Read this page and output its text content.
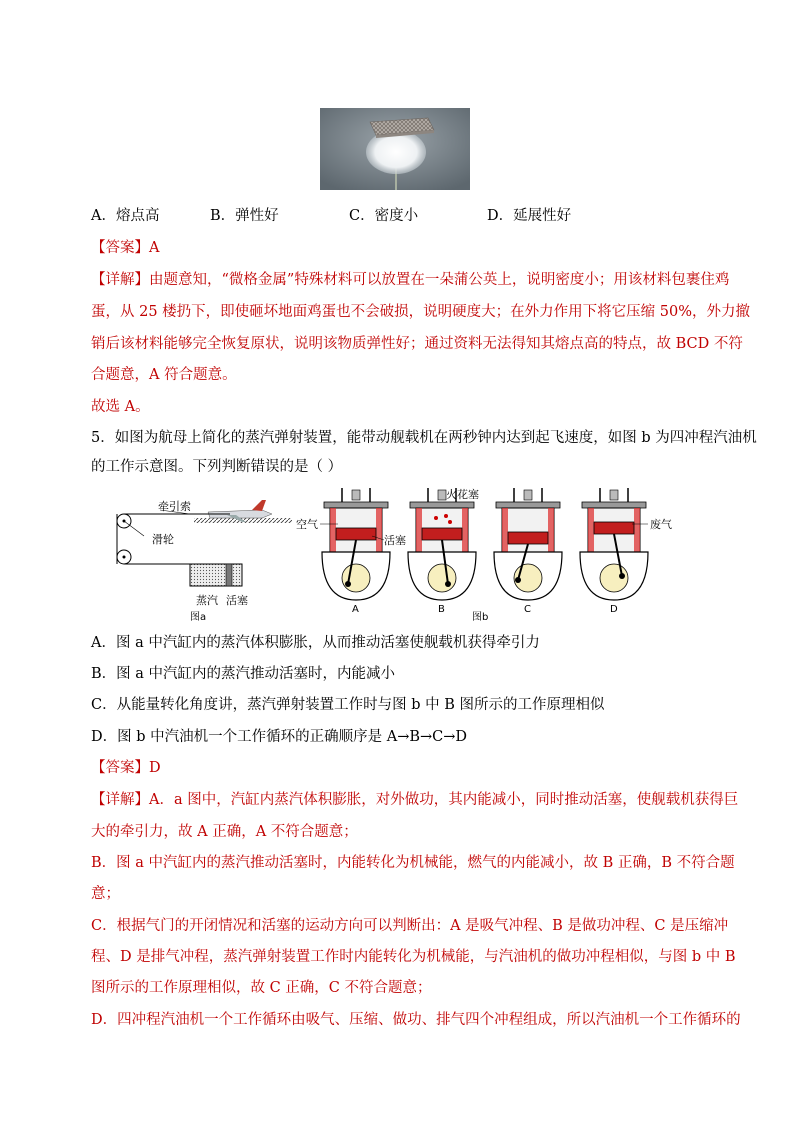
A．熔点高	B．弹性好	C．密度小	D．延展性好
【答案】A
【详解】由题意知，“微格金属”特殊材料可以放置在一朵蒲公英上，说明密度小；用该材料包裹住鸡
蛋，从 25 楼扔下，即使砸坏地面鸡蛋也不会破损，说明硬度大；在外力作用下将它压缩 50%，外力撤
销后该材料能够完全恢复原状，说明该物质弹性好；通过资料无法得知其熔点高的特点，故 BCD 不符
合题意，A 符合题意。
故选 A。
5．如图为航母上简化的蒸汽弹射装置，能带动舰载机在两秒钟内达到起飞速度，如图 b 为四冲程汽油机
的工作示意图。下列判断错误的是（ ）
牵引索
滑轮
蒸汽 活塞
图a
A	B	C	D
空气
活塞
火花塞
废气
图b
A．图 a 中汽缸内的蒸汽体积膨胀，从而推动活塞使舰载机获得牵引力
B．图 a 中汽缸内的蒸汽推动活塞时，内能减小
C．从能量转化角度讲，蒸汽弹射装置工作时与图 b 中 B 图所示的工作原理相似
D．图 b 中汽油机一个工作循环的正确顺序是 A→B→C→D
【答案】D
【详解】A．a 图中，汽缸内蒸汽体积膨胀，对外做功，其内能减小，同时推动活塞，使舰载机获得巨
大的牵引力，故 A 正确，A 不符合题意；
B．图 a 中汽缸内的蒸汽推动活塞时，内能转化为机械能，燃气的内能减小，故 B 正确，B 不符合题
意；
C．根据气门的开闭情况和活塞的运动方向可以判断出：A 是吸气冲程、B 是做功冲程、C 是压缩冲
程、D 是排气冲程，蒸汽弹射装置工作时内能转化为机械能，与汽油机的做功冲程相似，与图 b 中 B
图所示的工作原理相似，故 C 正确，C 不符合题意；
D．四冲程汽油机一个工作循环由吸气、压缩、做功、排气四个冲程组成，所以汽油机一个工作循环的
